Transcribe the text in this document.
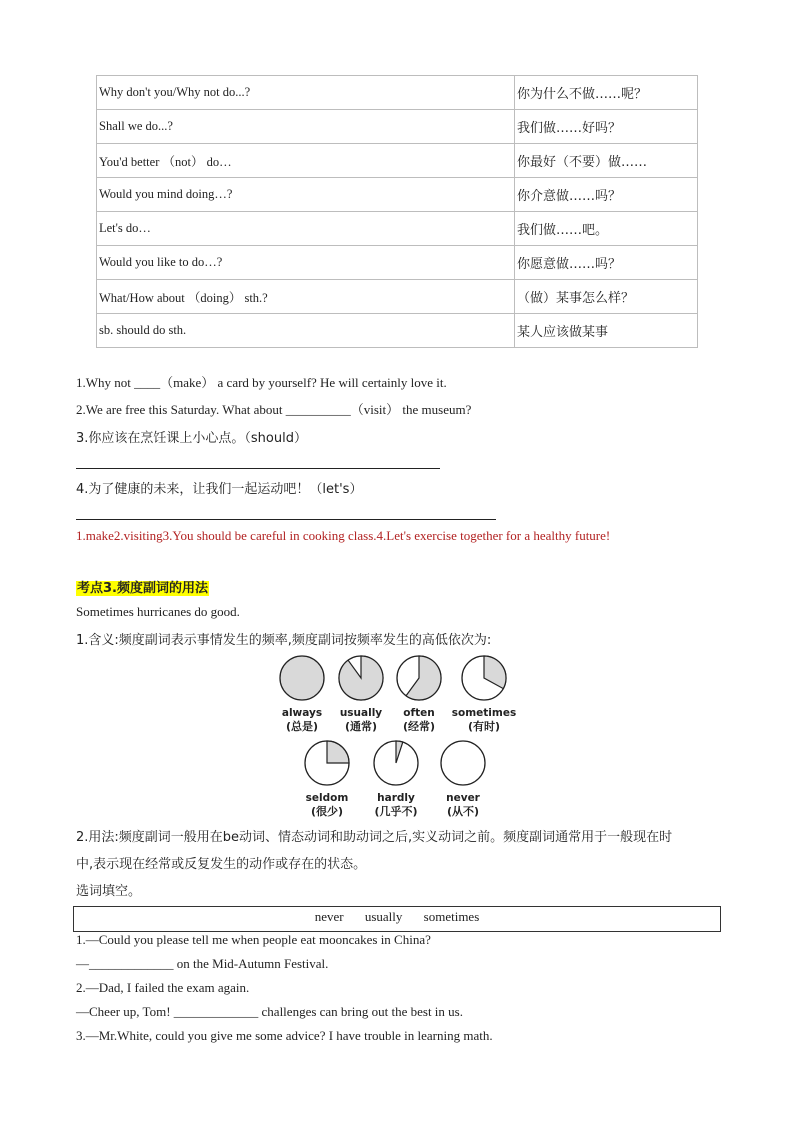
Why don't you/Why not do...?	你为什么不做……呢？
Shall we do...?	我们做……好吗？
You'd better （not） do…	你最好（不要）做……
Would you mind doing…?	你介意做……吗？
Let's do…	我们做……吧。
Would you like to do…?	你愿意做……吗？
What/How about （doing） sth.?	（做）某事怎么样？
sb. should do sth.	某人应该做某事
1.Why not ____（make） a card by yourself? He will certainly love it.
2.We are free this Saturday. What about __________（visit） the museum?
3.你应该在烹饪课上小心点。（should）
4.为了健康的未来，让我们一起运动吧！（let's）
1.make2.visiting3.You should be careful in cooking class.4.Let's exercise together for a healthy future!
考点3.频度副词的用法
Sometimes hurricanes do good.
1.含义:频度副词表示事情发生的频率,频度副词按频率发生的高低依次为:
always
(总是)
usually
(通常)
often
(经常)
sometimes
(有时)
seldom
(很少)
hardly
(几乎不)
never
(从不)
2.用法:频度副词一般用在be动词、情态动词和助动词之后,实义动词之前。频度副词通常用于一般现在时
中,表示现在经常或反复发生的动作或存在的状态。
选词填空。
never usually sometimes
1.—Could you please tell me when people eat mooncakes in China?
—_____________ on the Mid-Autumn Festival.
2.—Dad, I failed the exam again.
—Cheer up, Tom! _____________ challenges can bring out the best in us.
3.—Mr.White, could you give me some advice? I have trouble in learning math.
